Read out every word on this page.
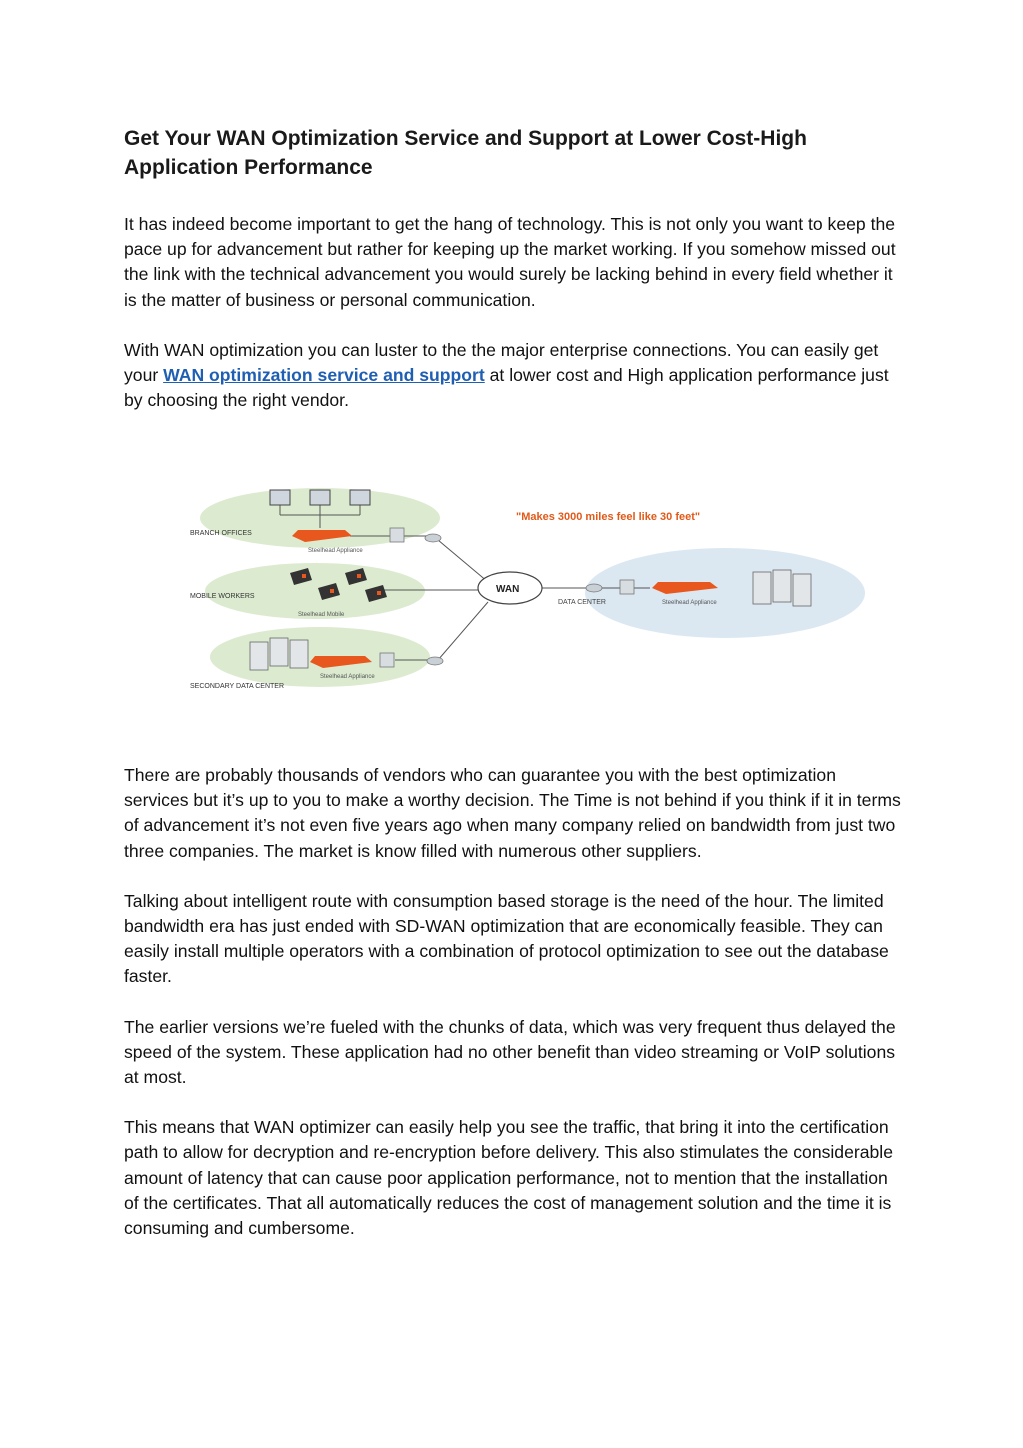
Get Your WAN Optimization Service and Support at Lower Cost-High Application Performance

It has indeed become important to get the hang of technology. This is not only you want to keep the pace up for advancement but rather for keeping up the market working. If you somehow missed out the link with the technical advancement you would surely be lacking behind in every field whether it is the matter of business or personal communication.

With WAN optimization you can luster to the the major enterprise connections. You can easily get your WAN optimization service and support at lower cost and High application performance just by choosing the right vendor.

Steelhead Appliance
Steelhead Mobile
Steelhead Appliance
WAN
DATA CENTER	Steelhead Appliance
BRANCH OFFICES
MOBILE WORKERS
SECONDARY DATA CENTER
"Makes 3000 miles feel like 30 feet"

There are probably thousands of vendors who can guarantee you with the best optimization services but it’s up to you to make a worthy decision. The Time is not behind if you think if it in terms of advancement it’s not even five years ago when many company relied on bandwidth from just two three companies. The market is know filled with numerous other suppliers.

Talking about intelligent route with consumption based storage is the need of the hour. The limited bandwidth era has just ended with SD-WAN optimization that are economically feasible. They can easily install multiple operators with a combination of protocol optimization to see out the database faster.

The earlier versions we’re fueled with the chunks of data, which was very frequent thus delayed the speed of the system. These application had no other benefit than video streaming or VoIP solutions at most.

This means that WAN optimizer can easily help you see the traffic, that bring it into the certification path to allow for decryption and re-encryption before delivery. This also stimulates the considerable amount of latency that can cause poor application performance, not to mention that the installation of the certificates. That all automatically reduces the cost of management solution and the time it is consuming and cumbersome.
